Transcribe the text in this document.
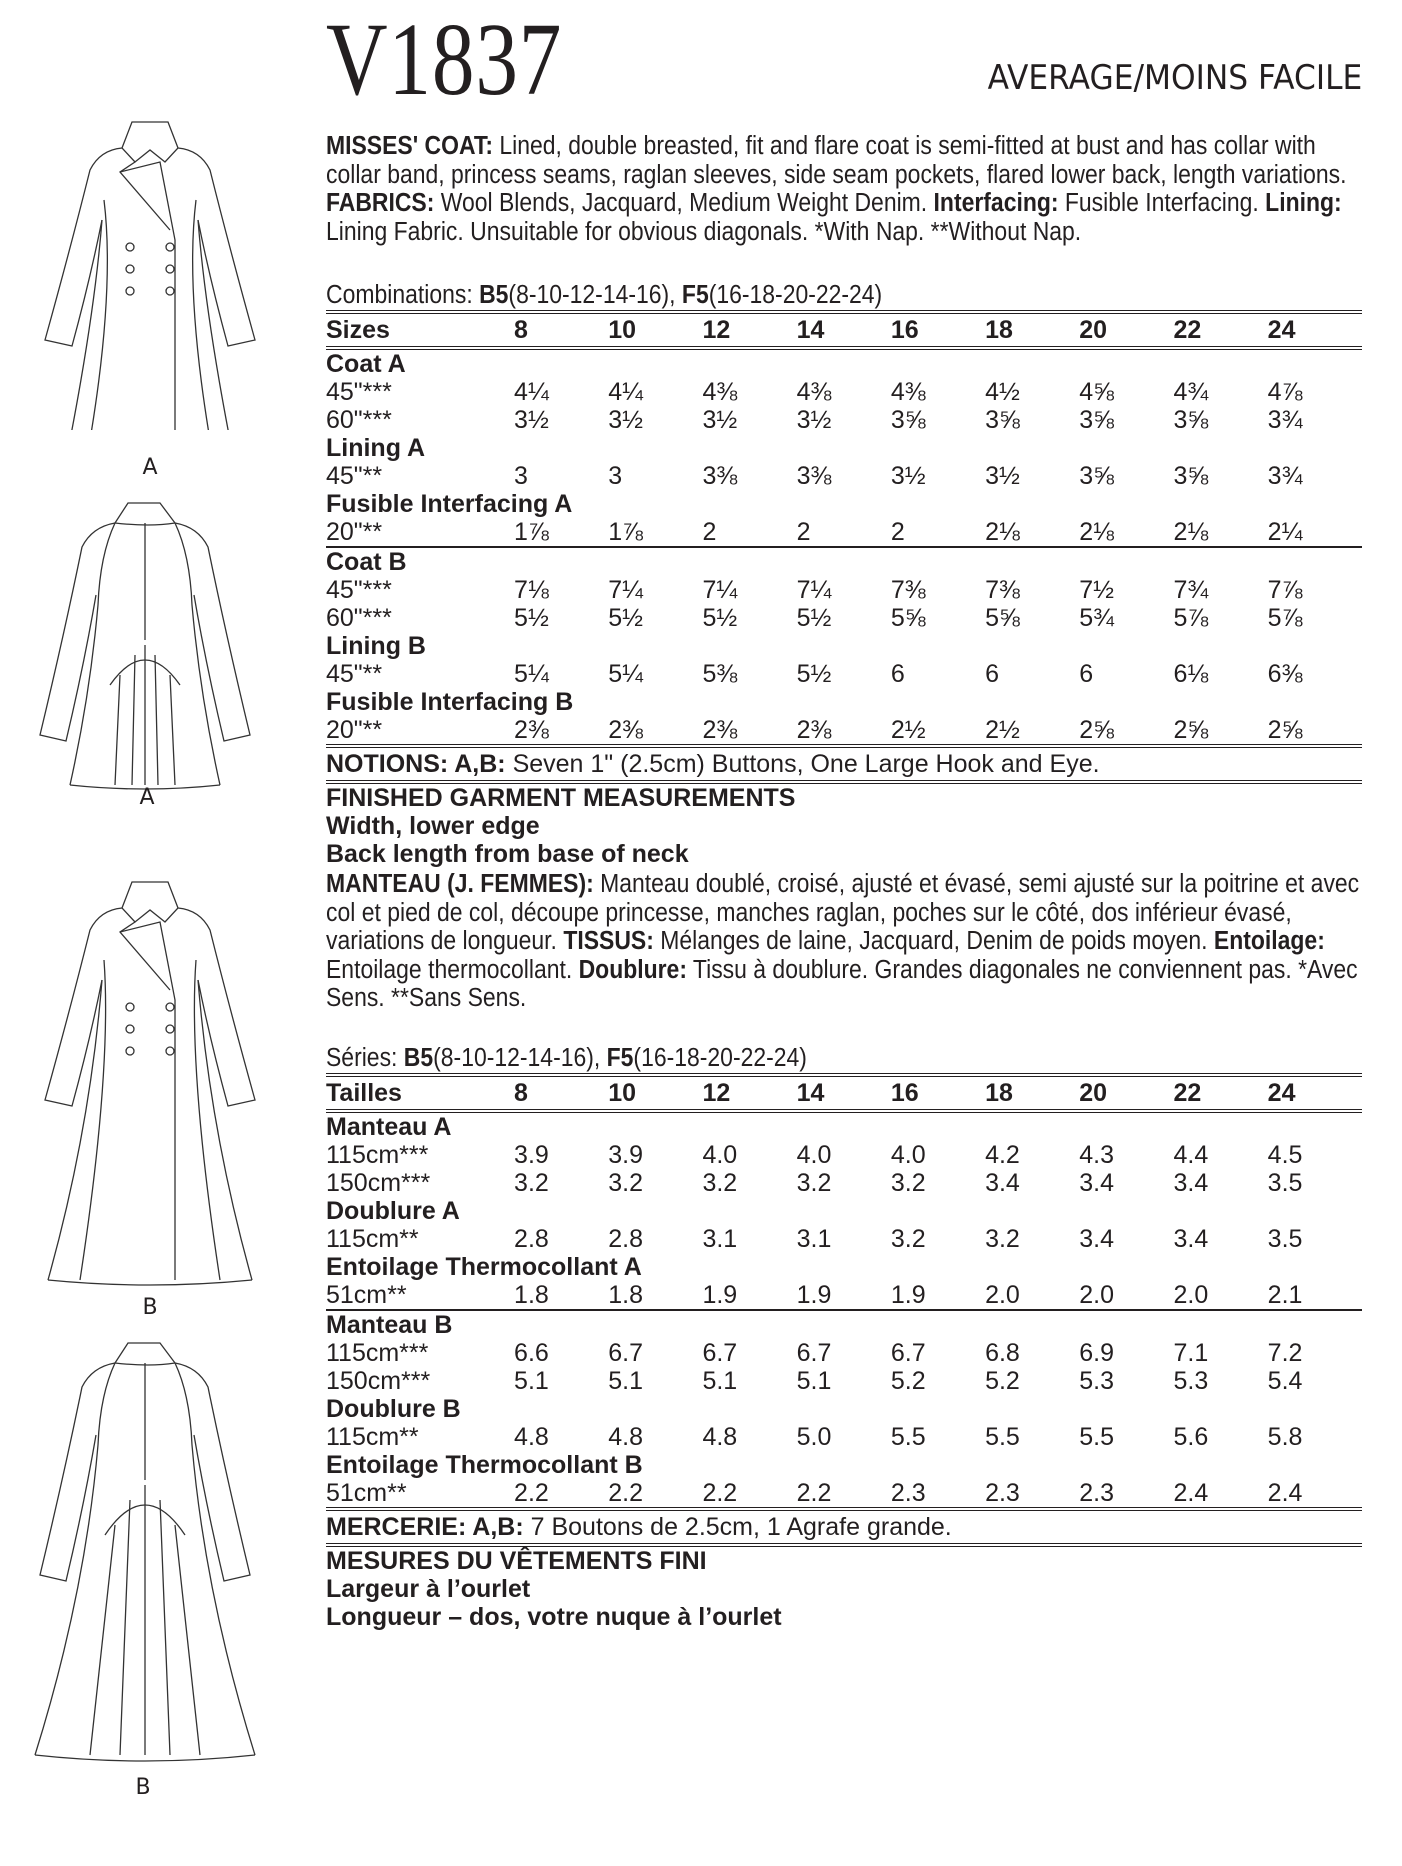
A
A
B
B
V1837	AVERAGE/MOINS FACILE
MISSES' COAT: Lined, double breasted, fit and flare coat is semi-fitted at bust and has collar with collar band, princess seams, raglan sleeves, side seam pockets, flared lower back, length variations. FABRICS: Wool Blends, Jacquard, Medium Weight Denim. Interfacing: Fusible Interfacing. Lining: Lining Fabric. Unsuitable for obvious diagonals. *With Nap. **Without Nap.
Combinations: B5(8-10-12-14-16), F5(16-18-20-22-24)
Sizes	8	10	12	14	16	18	20	22	24
Coat A									
45"***	4¼	4¼	4⅜	4⅜	4⅜	4½	4⅝	4¾	4⅞
60"***	3½	3½	3½	3½	3⅝	3⅝	3⅝	3⅝	3¾
Lining A									
45"**	3	3	3⅜	3⅜	3½	3½	3⅝	3⅝	3¾
Fusible Interfacing A									
20"**	1⅞	1⅞	2	2	2	2⅛	2⅛	2⅛	2¼
Coat B									
45"***	7⅛	7¼	7¼	7¼	7⅜	7⅜	7½	7¾	7⅞
60"***	5½	5½	5½	5½	5⅝	5⅝	5¾	5⅞	5⅞
Lining B									
45"**	5¼	5¼	5⅜	5½	6	6	6	6⅛	6⅜
Fusible Interfacing B									
20"**	2⅜	2⅜	2⅜	2⅜	2½	2½	2⅝	2⅝	2⅝
NOTIONS: A,B: Seven 1" (2.5cm) Buttons, One Large Hook and Eye.									
FINISHED GARMENT MEASUREMENTS									
Width, lower edge									
Back length from base of neck									
MANTEAU (J. FEMMES): Manteau doublé, croisé, ajusté et évasé, semi ajusté sur la poitrine et avec col et pied de col, découpe princesse, manches raglan, poches sur le côté, dos inférieur évasé, variations de longueur. TISSUS: Mélanges de laine, Jacquard, Denim de poids moyen. Entoilage: Entoilage thermocollant. Doublure: Tissu à doublure. Grandes diagonales ne conviennent pas. *Avec Sens. **Sans Sens.
Séries: B5(8-10-12-14-16), F5(16-18-20-22-24)
Tailles	8	10	12	14	16	18	20	22	24
Manteau A									
115cm***	3.9	3.9	4.0	4.0	4.0	4.2	4.3	4.4	4.5
150cm***	3.2	3.2	3.2	3.2	3.2	3.4	3.4	3.4	3.5
Doublure A									
115cm**	2.8	2.8	3.1	3.1	3.2	3.2	3.4	3.4	3.5
Entoilage Thermocollant A									
51cm**	1.8	1.8	1.9	1.9	1.9	2.0	2.0	2.0	2.1
Manteau B									
115cm***	6.6	6.7	6.7	6.7	6.7	6.8	6.9	7.1	7.2
150cm***	5.1	5.1	5.1	5.1	5.2	5.2	5.3	5.3	5.4
Doublure B									
115cm**	4.8	4.8	4.8	5.0	5.5	5.5	5.5	5.6	5.8
Entoilage Thermocollant B									
51cm**	2.2	2.2	2.2	2.2	2.3	2.3	2.3	2.4	2.4
MERCERIE: A,B: 7 Boutons de 2.5cm, 1 Agrafe grande.									
MESURES DU VÊTEMENTS FINI									
Largeur à l’ourlet									
Longueur – dos, votre nuque à l’ourlet									
